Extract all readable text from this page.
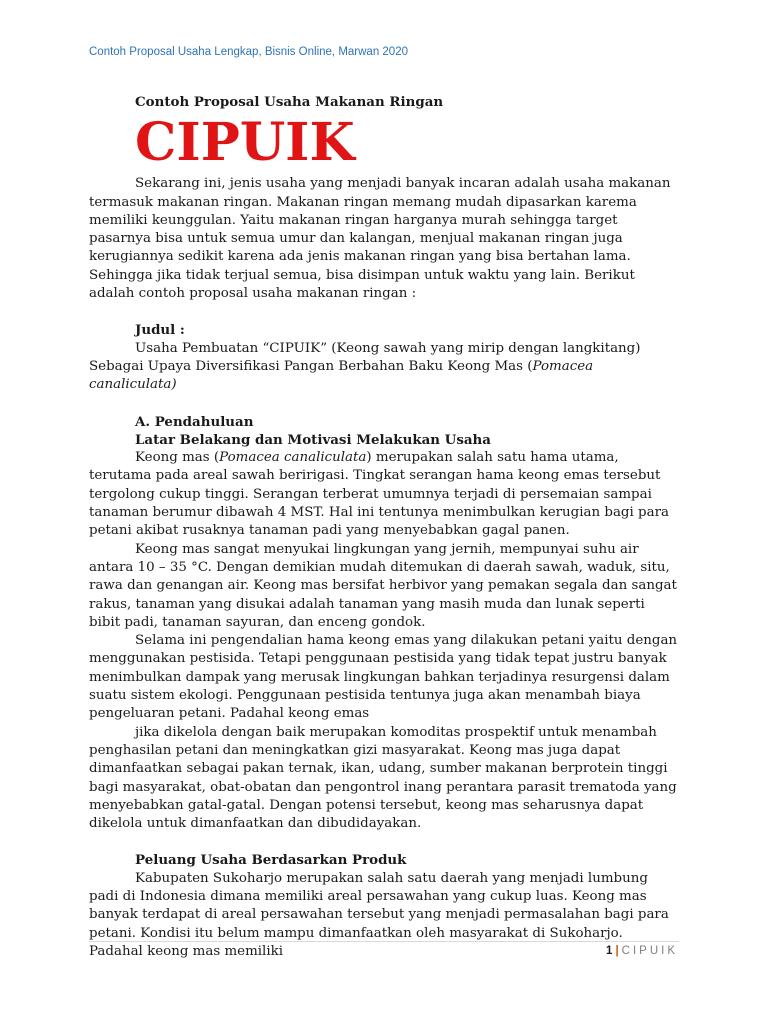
Contoh Proposal Usaha Lengkap, Bisnis Online, Marwan 2020
Contoh Proposal Usaha Makanan Ringan
CIPUIK

Sekarang ini, jenis usaha yang menjadi banyak incaran adalah usaha makanan termasuk makanan ringan. Makanan ringan memang mudah dipasarkan karema memiliki keunggulan. Yaitu makanan ringan harganya murah sehingga target pasarnya bisa untuk semua umur dan kalangan, menjual makanan ringan juga kerugiannya sedikit karena ada jenis makanan ringan yang bisa bertahan lama. Sehingga jika tidak terjual semua, bisa disimpan untuk waktu yang lain. Berikut adalah contoh proposal usaha makanan ringan :

Judul :

Usaha Pembuatan “CIPUIK” (Keong sawah yang mirip dengan langkitang) Sebagai Upaya Diversifikasi Pangan Berbahan Baku Keong Mas (Pomacea canaliculata)

A. Pendahuluan
Latar Belakang dan Motivasi Melakukan Usaha

Keong mas (Pomacea canaliculata) merupakan salah satu hama utama, terutama pada areal sawah beririgasi. Tingkat serangan hama keong emas tersebut tergolong cukup tinggi. Serangan terberat umumnya terjadi di persemaian sampai tanaman berumur dibawah 4 MST. Hal ini tentunya menimbulkan kerugian bagi para petani akibat rusaknya tanaman padi yang menyebabkan gagal panen.

Keong mas sangat menyukai lingkungan yang jernih, mempunyai suhu air antara 10 – 35 °C. Dengan demikian mudah ditemukan di daerah sawah, waduk, situ, rawa dan genangan air. Keong mas bersifat herbivor yang pemakan segala dan sangat rakus, tanaman yang disukai adalah tanaman yang masih muda dan lunak seperti bibit padi, tanaman sayuran, dan enceng gondok.

Selama ini pengendalian hama keong emas yang dilakukan petani yaitu dengan menggunakan pestisida. Tetapi penggunaan pestisida yang tidak tepat justru banyak menimbulkan dampak yang merusak lingkungan bahkan terjadinya resurgensi dalam suatu sistem ekologi. Penggunaan pestisida tentunya juga akan menambah biaya pengeluaran petani. Padahal keong emas

jika dikelola dengan baik merupakan komoditas prospektif untuk menambah penghasilan petani dan meningkatkan gizi masyarakat. Keong mas juga dapat dimanfaatkan sebagai pakan ternak, ikan, udang, sumber makanan berprotein tinggi bagi masyarakat, obat-obatan dan pengontrol inang perantara parasit trematoda yang menyebabkan gatal-gatal. Dengan potensi tersebut, keong mas seharusnya dapat dikelola untuk dimanfaatkan dan dibudidayakan.

Peluang Usaha Berdasarkan Produk

Kabupaten Sukoharjo merupakan salah satu daerah yang menjadi lumbung padi di Indonesia dimana memiliki areal persawahan yang cukup luas. Keong mas banyak terdapat di areal persawahan tersebut yang menjadi permasalahan bagi para petani. Kondisi itu belum mampu dimanfaatkan oleh masyarakat di Sukoharjo. Padahal keong mas memiliki	1 | CIPUIK
